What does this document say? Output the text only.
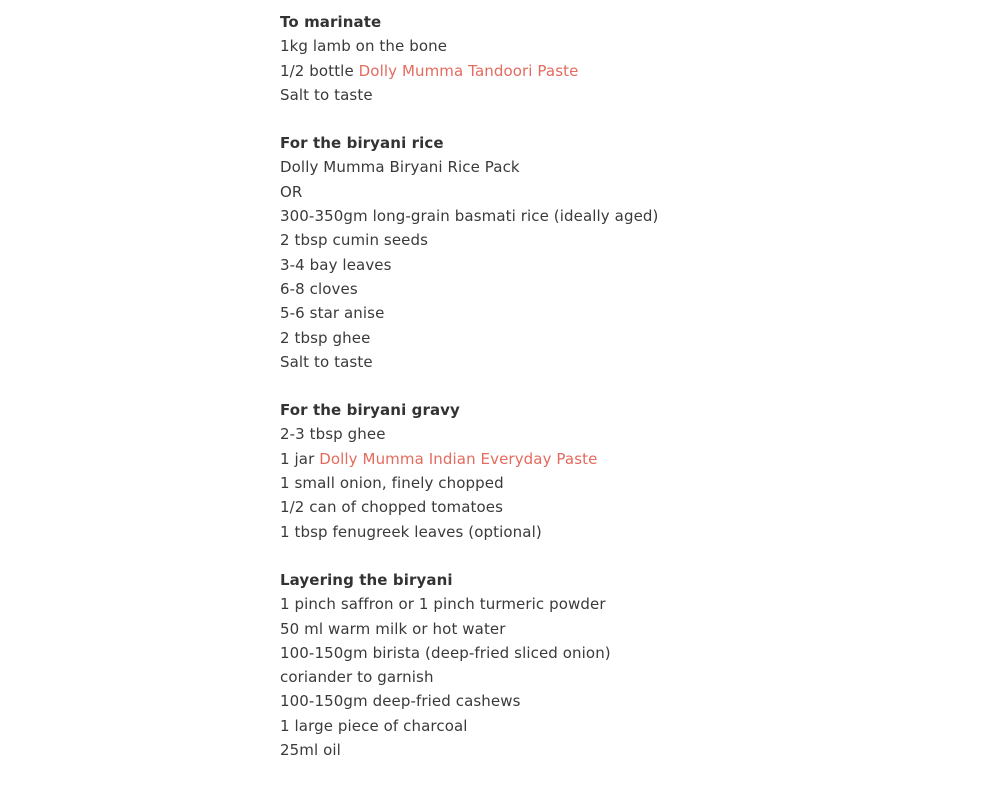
To marinate
1kg lamb on the bone
1/2 bottle Dolly Mumma Tandoori Paste
Salt to taste
For the biryani rice
Dolly Mumma Biryani Rice Pack
OR
300-350gm long-grain basmati rice (ideally aged)
2 tbsp cumin seeds
3-4 bay leaves
6-8 cloves
5-6 star anise
2 tbsp ghee
Salt to taste
For the biryani gravy
2-3 tbsp ghee
1 jar Dolly Mumma Indian Everyday Paste
1 small onion, finely chopped
1/2 can of chopped tomatoes
1 tbsp fenugreek leaves (optional)
Layering the biryani
1 pinch saffron or 1 pinch turmeric powder
50 ml warm milk or hot water
100-150gm birista (deep-fried sliced onion)
coriander to garnish
100-150gm deep-fried cashews
1 large piece of charcoal
25ml oil
